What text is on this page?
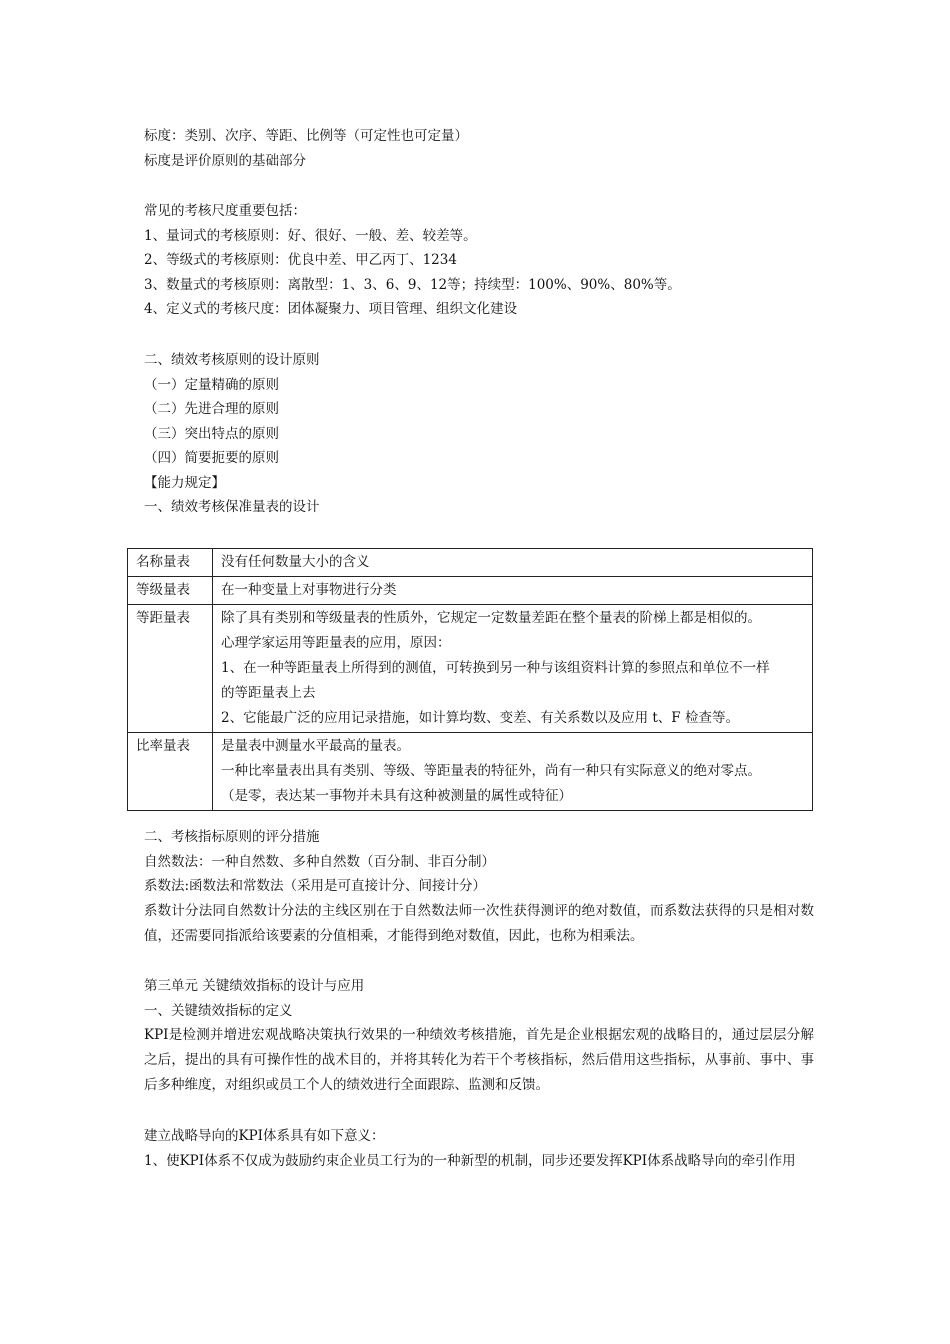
标度：类别、次序、等距、比例等（可定性也可定量）
标度是评价原则的基础部分
常见的考核尺度重要包括：
1、量词式的考核原则：好、很好、一般、差、较差等。
2、等级式的考核原则：优良中差、甲乙丙丁、1234
3、数量式的考核原则：离散型：1、3、6、9、12等；持续型：100%、90%、80%等。
4、定义式的考核尺度：团体凝聚力、项目管理、组织文化建设
二、绩效考核原则的设计原则
（一）定量精确的原则
（二）先进合理的原则
（三）突出特点的原则
（四）简要扼要的原则
【能力规定】
一、绩效考核保准量表的设计
名称量表	没有任何数量大小的含义

等级量表	在一种变量上对事物进行分类

等距量表	除了具有类别和等级量表的性质外，它规定一定数量差距在整个量表的阶梯上都是相似的。
心理学家运用等距量表的应用，原因：
1、在一种等距量表上所得到的测值，可转换到另一种与该组资料计算的参照点和单位不一样
的等距量表上去
2、它能最广泛的应用记录措施，如计算均数、变差、有关系数以及应用 t、F 检查等。

比率量表	是量表中测量水平最高的量表。
一种比率量表出具有类别、等级、等距量表的特征外，尚有一种只有实际意义的绝对零点。
（是零，表达某一事物并未具有这种被测量的属性或特征）
二、考核指标原则的评分措施
自然数法：一种自然数、多种自然数（百分制、非百分制）
系数法:函数法和常数法（采用是可直接计分、间接计分）
系数计分法同自然数计分法的主线区别在于自然数法师一次性获得测评的绝对数值，而系数法获得的只是相对数值，还需要同指派给该要素的分值相乘，才能得到绝对数值，因此，也称为相乘法。
第三单元 关键绩效指标的设计与应用
一、关键绩效指标的定义
KPI是检测并增进宏观战略决策执行效果的一种绩效考核措施，首先是企业根据宏观的战略目的，通过层层分解之后，提出的具有可操作性的战术目的，并将其转化为若干个考核指标，然后借用这些指标，从事前、事中、事后多种维度，对组织或员工个人的绩效进行全面跟踪、监测和反馈。
建立战略导向的KPI体系具有如下意义：
1、使KPI体系不仅成为鼓励约束企业员工行为的一种新型的机制，同步还要发挥KPI体系战略导向的牵引作用
